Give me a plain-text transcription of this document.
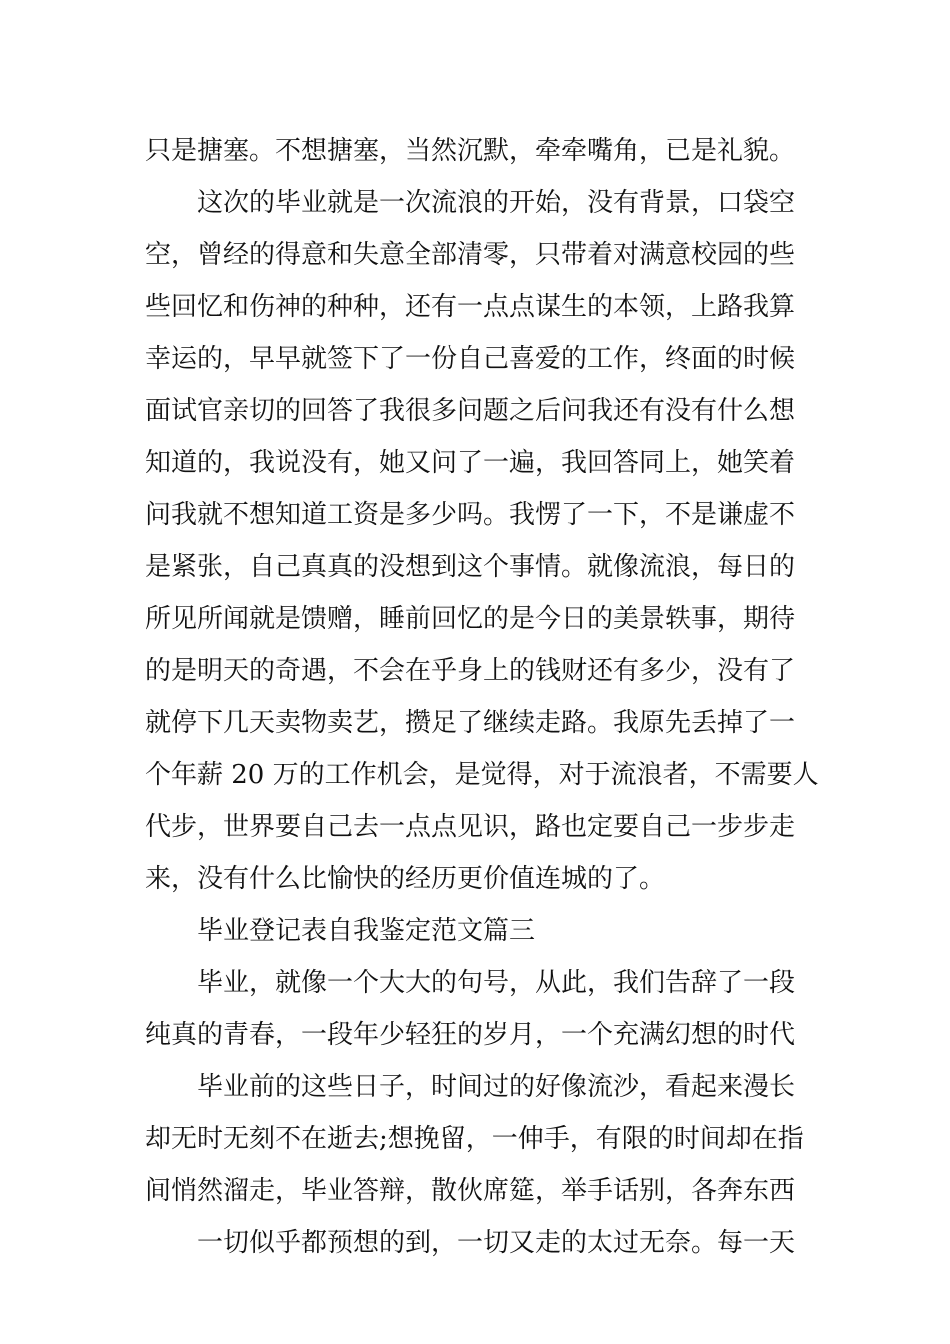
只是搪塞。不想搪塞，当然沉默，牵牵嘴角，已是礼貌。
这次的毕业就是一次流浪的开始，没有背景，口袋空
空，曾经的得意和失意全部清零，只带着对满意校园的些
些回忆和伤神的种种，还有一点点谋生的本领，上路我算
幸运的，早早就签下了一份自己喜爱的工作，终面的时候
面试官亲切的回答了我很多问题之后问我还有没有什么想
知道的，我说没有，她又问了一遍，我回答同上，她笑着
问我就不想知道工资是多少吗。我愣了一下，不是谦虚不
是紧张，自己真真的没想到这个事情。就像流浪，每日的
所见所闻就是馈赠，睡前回忆的是今日的美景轶事，期待
的是明天的奇遇，不会在乎身上的钱财还有多少，没有了
就停下几天卖物卖艺，攒足了继续走路。我原先丢掉了一
个年薪 20 万的工作机会，是觉得，对于流浪者，不需要人
代步，世界要自己去一点点见识，路也定要自己一步步走
来，没有什么比愉快的经历更价值连城的了。
毕业登记表自我鉴定范文篇三
毕业，就像一个大大的句号，从此，我们告辞了一段
纯真的青春，一段年少轻狂的岁月，一个充满幻想的时代
毕业前的这些日子，时间过的好像流沙，看起来漫长
却无时无刻不在逝去;想挽留，一伸手，有限的时间却在指
间悄然溜走，毕业答辩，散伙席筵，举手话别，各奔东西
一切似乎都预想的到，一切又走的太过无奈。每一天
